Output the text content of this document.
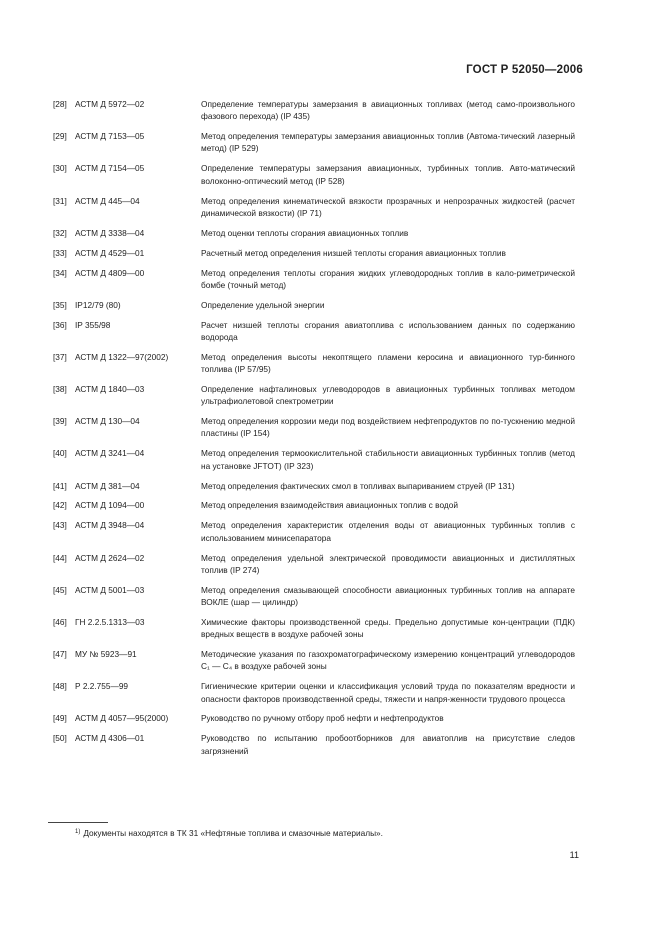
ГОСТ Р 52050—2006
[28] АСТМ Д 5972—02	Определение температуры замерзания в авиационных топливах (метод само-произвольного фазового перехода) (IP 435)
[29] АСТМ Д 7153—05	Метод определения температуры замерзания авиационных топлив (Автома-тический лазерный метод) (IP 529)
[30] АСТМ Д 7154—05	Определение температуры замерзания авиационных, турбинных топлив. Авто-матический волоконно-оптический метод (IP 528)
[31] АСТМ Д 445—04	Метод определения кинематической вязкости прозрачных и непрозрачных жидкостей (расчет динамической вязкости) (IP 71)
[32] АСТМ Д 3338—04	Метод оценки теплоты сгорания авиационных топлив
[33] АСТМ Д 4529—01	Расчетный метод определения низшей теплоты сгорания авиационных топлив
[34] АСТМ Д 4809—00	Метод определения теплоты сгорания жидких углеводородных топлив в кало-риметрической бомбе (точный метод)
[35] IP12/79 (80)	Определение удельной энергии
[36] IP 355/98	Расчет низшей теплоты сгорания авиатоплива с использованием данных по содержанию водорода
[37] АСТМ Д 1322—97(2002)	Метод определения высоты некоптящего пламени керосина и авиационного тур-бинного топлива (IP 57/95)
[38] АСТМ Д 1840—03	Определение нафталиновых углеводородов в авиационных турбинных топливах методом ультрафиолетовой спектрометрии
[39] АСТМ Д 130—04	Метод определения коррозии меди под воздействием нефтепродуктов по по-тускнению медной пластины (IP 154)
[40] АСТМ Д 3241—04	Метод определения термоокислительной стабильности авиационных турбинных топлив (метод на установке JFTOT) (IP 323)
[41] АСТМ Д 381—04	Метод определения фактических смол в топливах выпариванием струей (IP 131)
[42] АСТМ Д 1094—00	Метод определения взаимодействия авиационных топлив с водой
[43] АСТМ Д 3948—04	Метод определения характеристик отделения воды от авиационных турбинных топлив с использованием минисепаратора
[44] АСТМ Д 2624—02	Метод определения удельной электрической проводимости авиационных и дистиллятных топлив (IP 274)
[45] АСТМ Д 5001—03	Метод определения смазывающей способности авиационных турбинных топлив на аппарате ВОКЛЕ (шар — цилиндр)
[46] ГН 2.2.5.1313—03	Химические факторы производственной среды. Предельно допустимые кон-центрации (ПДК) вредных веществ в воздухе рабочей зоны
[47] МУ № 5923—91	Методические указания по газохроматографическому измерению концентраций углеводородов C₁ — C₄ в воздухе рабочей зоны
[48] Р 2.2.755—99	Гигиенические критерии оценки и классификация условий труда по показателям вредности и опасности факторов производственной среды, тяжести и напря-женности трудового процесса
[49] АСТМ Д 4057—95(2000)	Руководство по ручному отбору проб нефти и нефтепродуктов
[50] АСТМ Д 4306—01	Руководство по испытанию пробоотборников для авиатоплив на присутствие следов загрязнений
$^{1)}$ Документы находятся в ТК 31 «Нефтяные топлива и смазочные материалы».
11
